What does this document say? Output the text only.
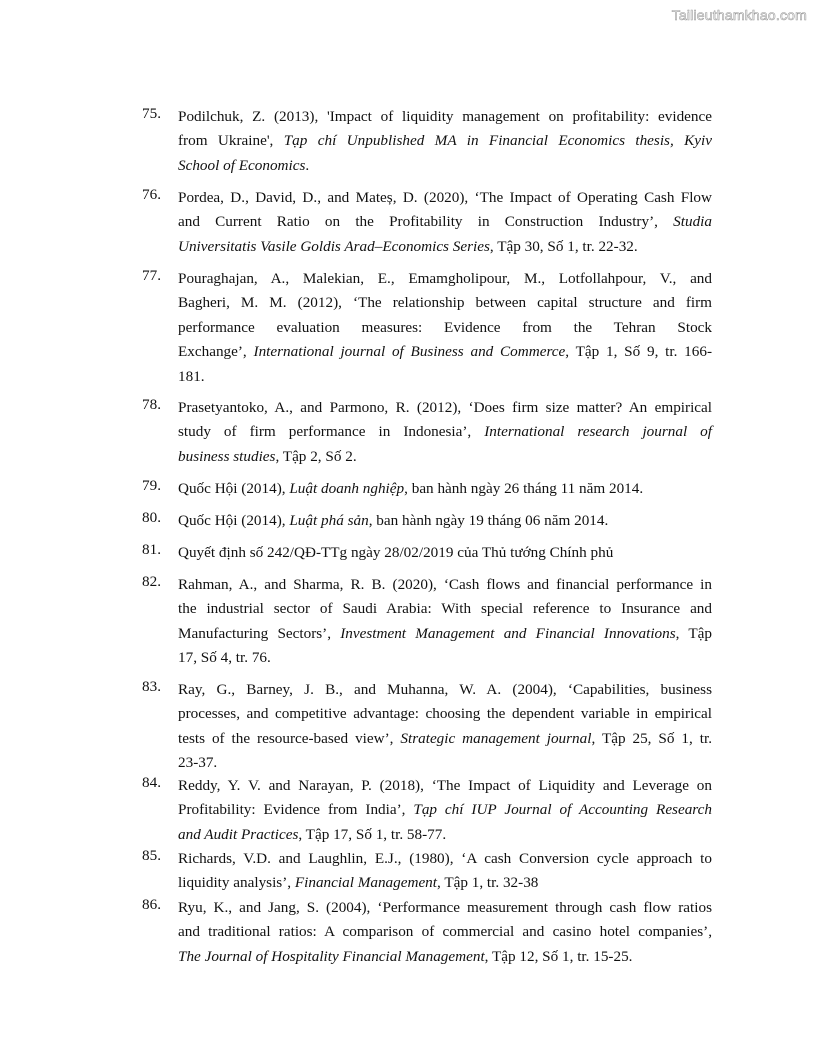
Tailieuthamkhao.com
75.	Podilchuk, Z. (2013), 'Impact of liquidity management on profitability: evidence
from Ukraine', Tạp chí Unpublished MA in Financial Economics thesis, Kyiv
School of Economics.
76.	Pordea, D., David, D., and Mateș, D. (2020), ‘The Impact of Operating Cash Flow
and Current Ratio on the Profitability in Construction Industry’, Studia
Universitatis Vasile Goldis Arad–Economics Series, Tập 30, Số 1, tr. 22-32.
77.	Pouraghajan, A., Malekian, E., Emamgholipour, M., Lotfollahpour, V., and
Bagheri, M. M. (2012), ‘The relationship between capital structure and firm
performance evaluation measures: Evidence from the Tehran Stock
Exchange’, International journal of Business and Commerce, Tập 1, Số 9, tr. 166-
181.
78.	Prasetyantoko, A., and Parmono, R. (2012), ‘Does firm size matter? An empirical
study of firm performance in Indonesia’, International research journal of
business studies, Tập 2, Số 2.
79.	Quốc Hội (2014), Luật doanh nghiệp, ban hành ngày 26 tháng 11 năm 2014.
80.	Quốc Hội (2014), Luật phá sản, ban hành ngày 19 tháng 06 năm 2014.
81.	Quyết định số 242/QĐ-TTg ngày 28/02/2019 của Thủ tướng Chính phủ
82.	Rahman, A., and Sharma, R. B. (2020), ‘Cash flows and financial performance in
the industrial sector of Saudi Arabia: With special reference to Insurance and
Manufacturing Sectors’, Investment Management and Financial Innovations, Tập
17, Số 4, tr. 76.
83.	Ray, G., Barney, J. B., and Muhanna, W. A. (2004), ‘Capabilities, business
processes, and competitive advantage: choosing the dependent variable in empirical
tests of the resource-based view’, Strategic management journal, Tập 25, Số 1, tr.
23-37.
84.	Reddy, Y. V. and Narayan, P. (2018), ‘The Impact of Liquidity and Leverage on
Profitability: Evidence from India’, Tạp chí IUP Journal of Accounting Research
and Audit Practices, Tập 17, Số 1, tr. 58-77.
85.	Richards, V.D. and Laughlin, E.J., (1980), ‘A cash Conversion cycle approach to
liquidity analysis’, Financial Management, Tập 1, tr. 32-38
86.	Ryu, K., and Jang, S. (2004), ‘Performance measurement through cash flow ratios
and traditional ratios: A comparison of commercial and casino hotel companies’,
The Journal of Hospitality Financial Management, Tập 12, Số 1, tr. 15-25.
